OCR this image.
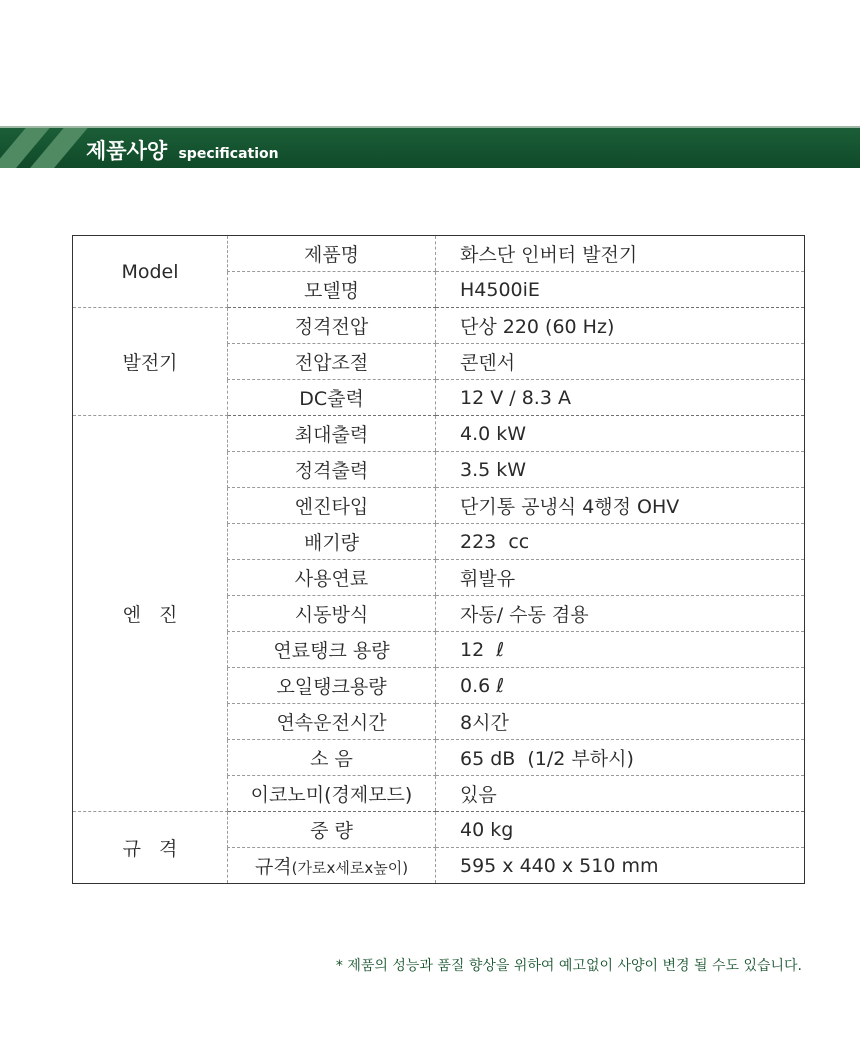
제품사양 specification
Model	제품명	화스단 인버터 발전기
	모델명	H4500iE
발전기	정격전압	단상 220 (60 Hz)
	전압조절	콘덴서
	DC출력	12 V / 8.3 A
엔   진	최대출력	4.0 kW
	정격출력	3.5 kW
	엔진타입	단기통 공냉식 4행정 OHV
	배기량	223  cc
	사용연료	휘발유
	시동방식	자동/ 수동 겸용
	연료탱크 용량	12  ℓ
	오일탱크용량	0.6 ℓ
	연속운전시간	8시간
	소 음	65 dB  (1/2 부하시)
	이코노미(경제모드)	있음
규   격	중 량	40 kg
	규격(가로x세로x높이)	595 x 440 x 510 mm
* 제품의 성능과 품질 향상을 위하여 예고없이 사양이 변경 될 수도 있습니다.
